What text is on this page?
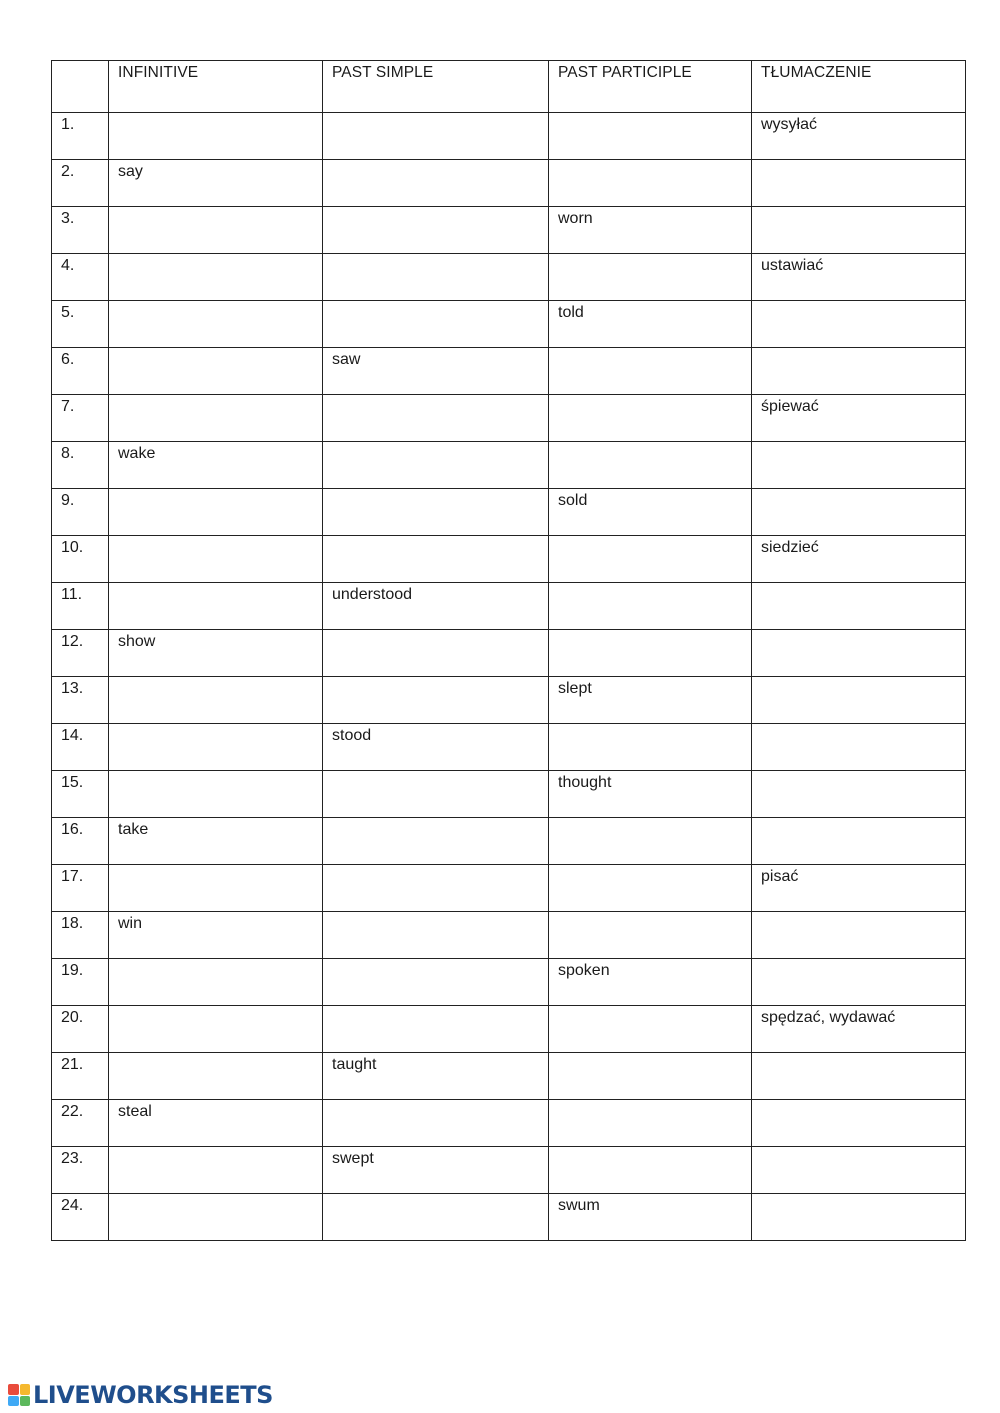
	INFINITIVE	PAST SIMPLE	PAST PARTICIPLE	TŁUMACZENIE
1.				wysyłać
2.	say			
3.			worn	
4.				ustawiać
5.			told	
6.		saw		
7.				śpiewać
8.	wake			
9.			sold	
10.				siedzieć
11.		understood		
12.	show			
13.			slept	
14.		stood		
15.			thought	
16.	take			
17.				pisać
18.	win			
19.			spoken	
20.				spędzać, wydawać
21.		taught		
22.	steal			
23.		swept		
24.			swum	
LIVEWORKSHEETS
